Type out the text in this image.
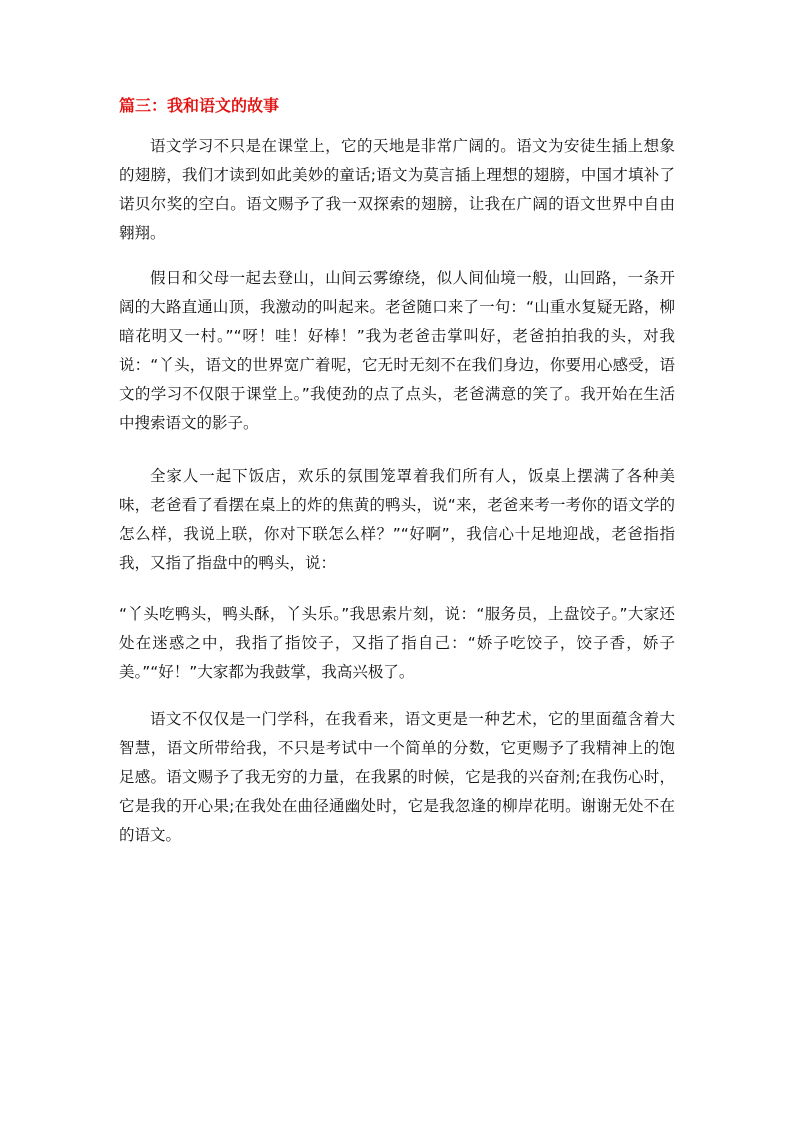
篇三：我和语文的故事

语文学习不只是在课堂上，它的天地是非常广阔的。语文为安徒生插上想象的翅膀，我们才读到如此美妙的童话;语文为莫言插上理想的翅膀，中国才填补了诺贝尔奖的空白。语文赐予了我一双探索的翅膀，让我在广阔的语文世界中自由翱翔。

假日和父母一起去登山，山间云雾缭绕，似人间仙境一般，山回路，一条开阔的大路直通山顶，我激动的叫起来。老爸随口来了一句：“山重水复疑无路，柳暗花明又一村。”“呀！哇！好棒！”我为老爸击掌叫好，老爸拍拍我的头，对我说：“丫头，语文的世界宽广着呢，它无时无刻不在我们身边，你要用心感受，语文的学习不仅限于课堂上。”我使劲的点了点头，老爸满意的笑了。我开始在生活中搜索语文的影子。

全家人一起下饭店，欢乐的氛围笼罩着我们所有人，饭桌上摆满了各种美味，老爸看了看摆在桌上的炸的焦黄的鸭头，说“来，老爸来考一考你的语文学的怎么样，我说上联，你对下联怎么样？”“好啊”，我信心十足地迎战，老爸指指我，又指了指盘中的鸭头，说：

“丫头吃鸭头，鸭头酥，丫头乐。”我思索片刻，说：“服务员，上盘饺子。”大家还处在迷惑之中，我指了指饺子，又指了指自己：“娇子吃饺子，饺子香，娇子美。”“好！”大家都为我鼓掌，我高兴极了。

语文不仅仅是一门学科，在我看来，语文更是一种艺术，它的里面蕴含着大智慧，语文所带给我，不只是考试中一个简单的分数，它更赐予了我精神上的饱足感。语文赐予了我无穷的力量，在我累的时候，它是我的兴奋剂;在我伤心时，它是我的开心果;在我处在曲径通幽处时，它是我忽逢的柳岸花明。谢谢无处不在的语文。
